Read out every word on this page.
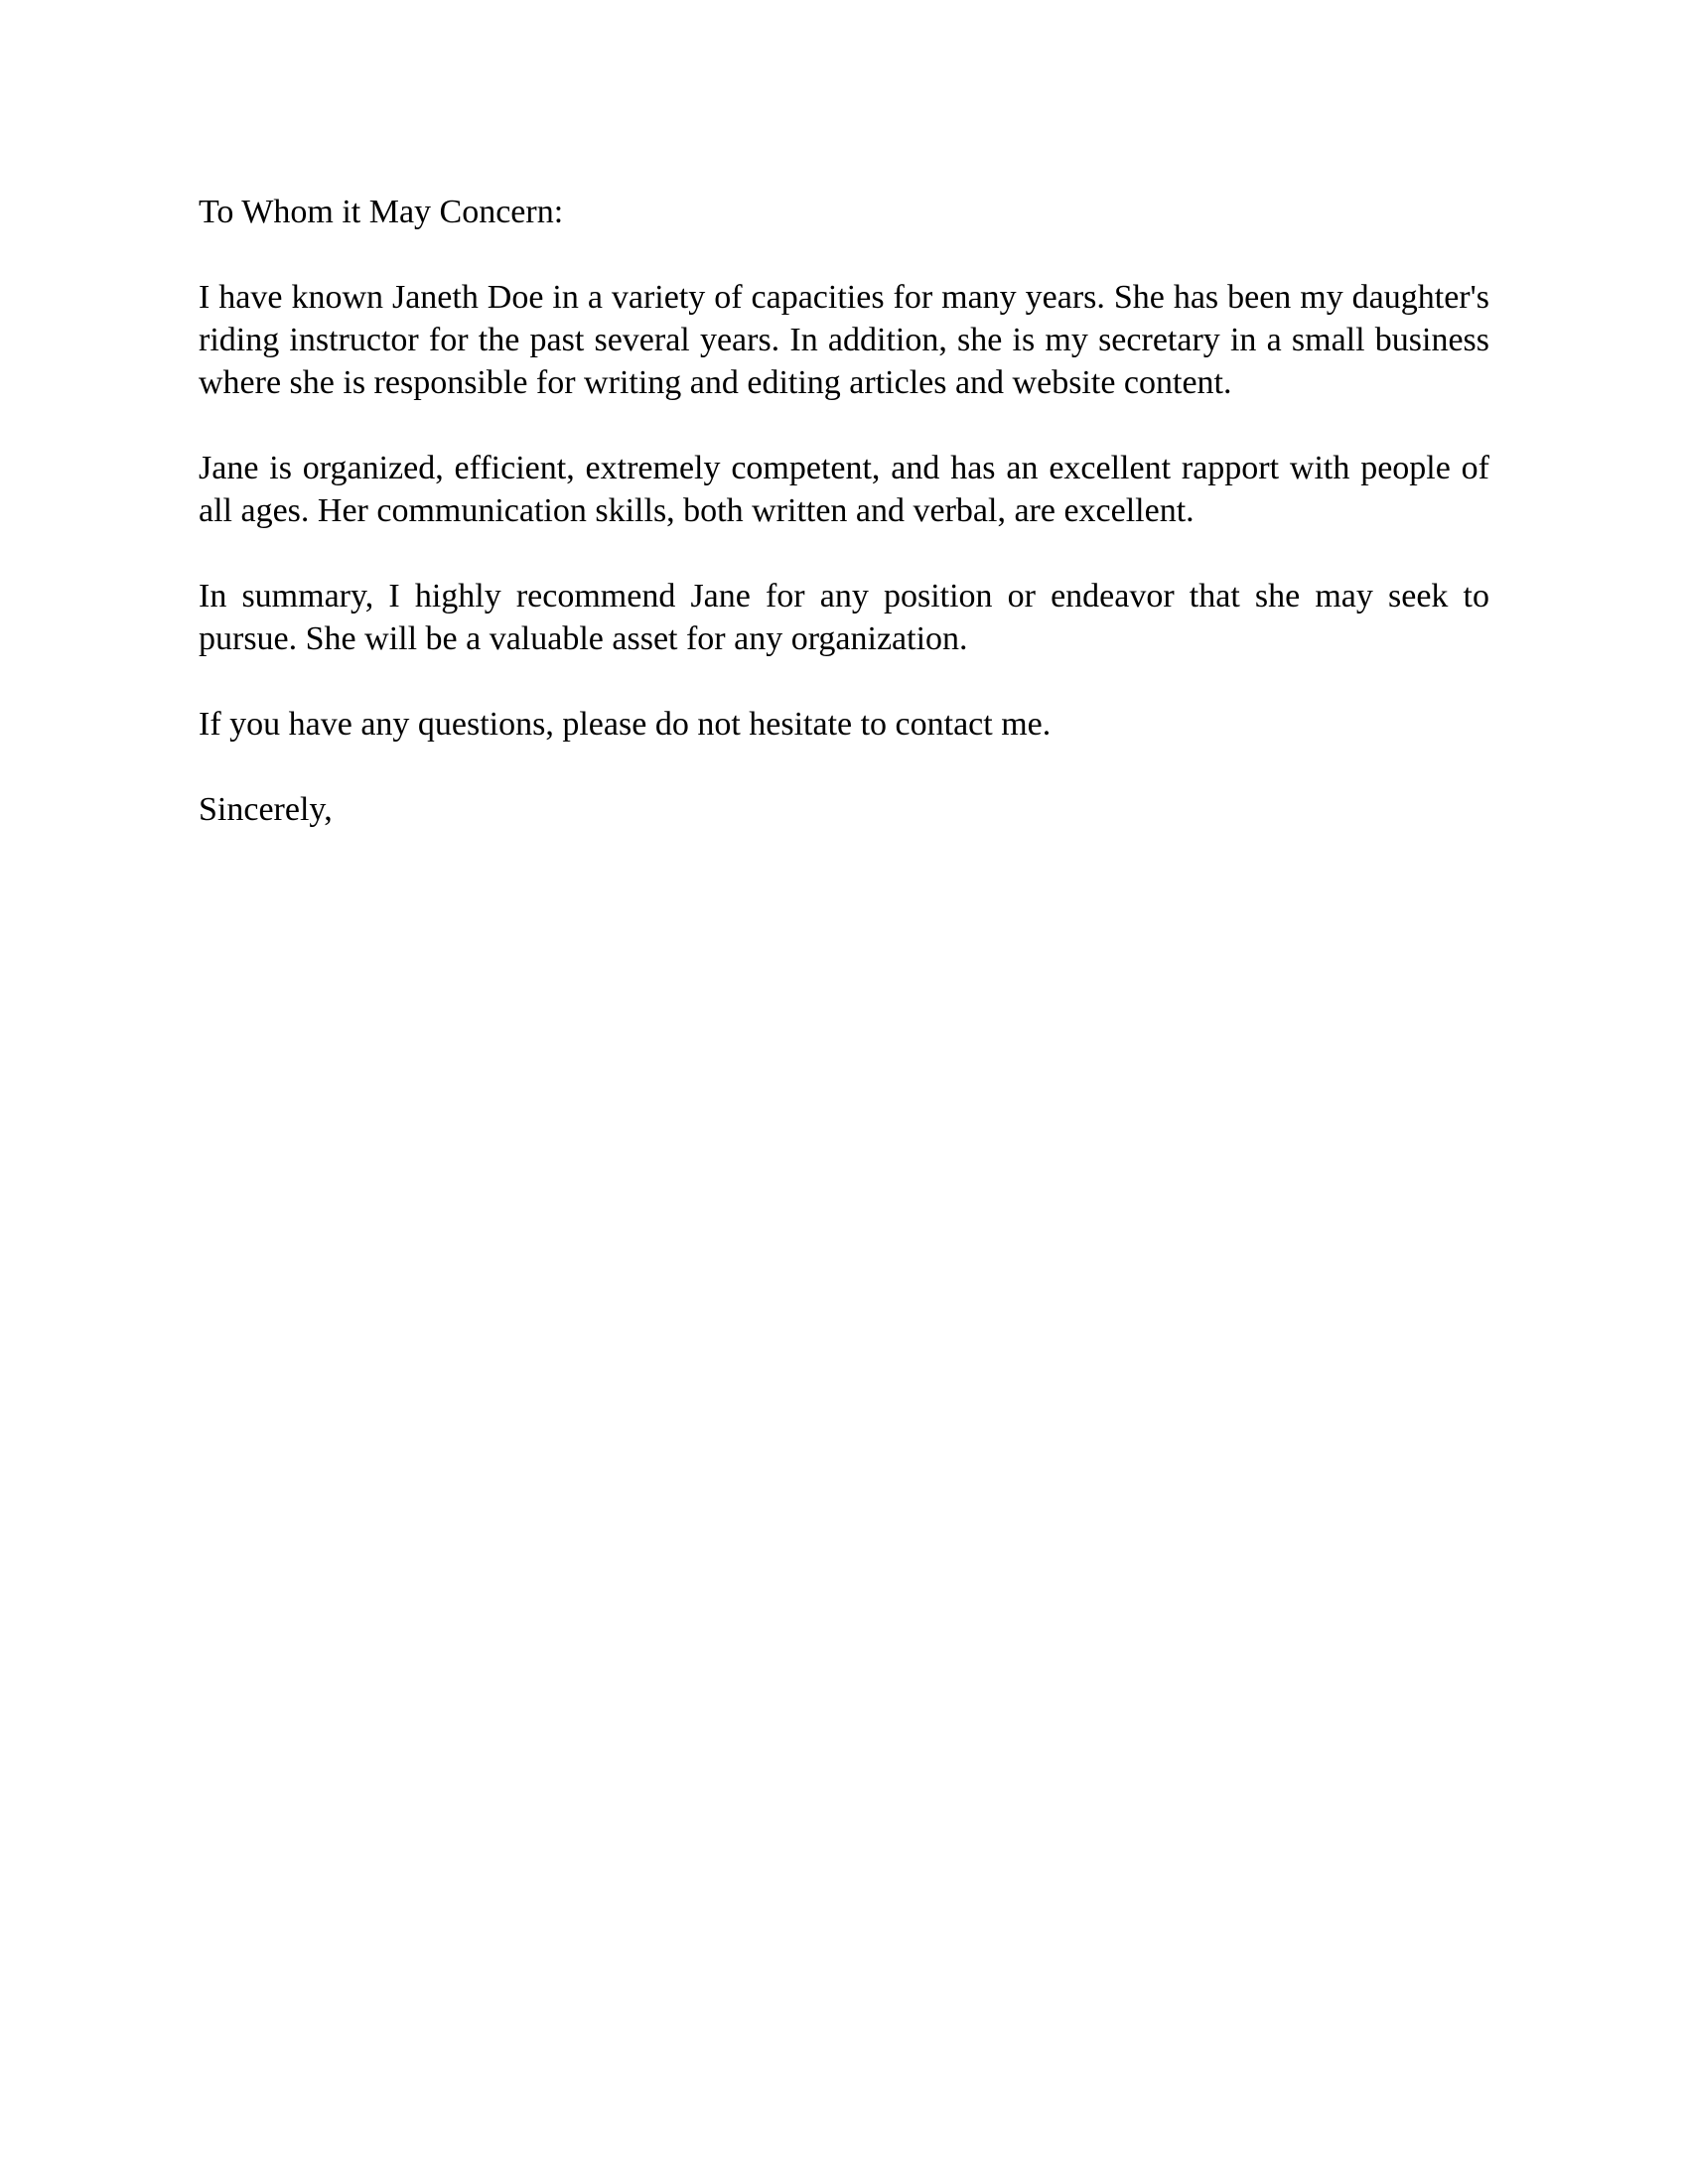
To Whom it May Concern:

I have known Janeth Doe in a variety of capacities for many years. She has been my daughter's riding instructor for the past several years. In addition, she is my secretary in a small business where she is responsible for writing and editing articles and website content.

Jane is organized, efficient, extremely competent, and has an excellent rapport with people of all ages. Her communication skills, both written and verbal, are excellent.

In summary, I highly recommend Jane for any position or endeavor that she may seek to pursue. She will be a valuable asset for any organization.

If you have any questions, please do not hesitate to contact me.

Sincerely,
